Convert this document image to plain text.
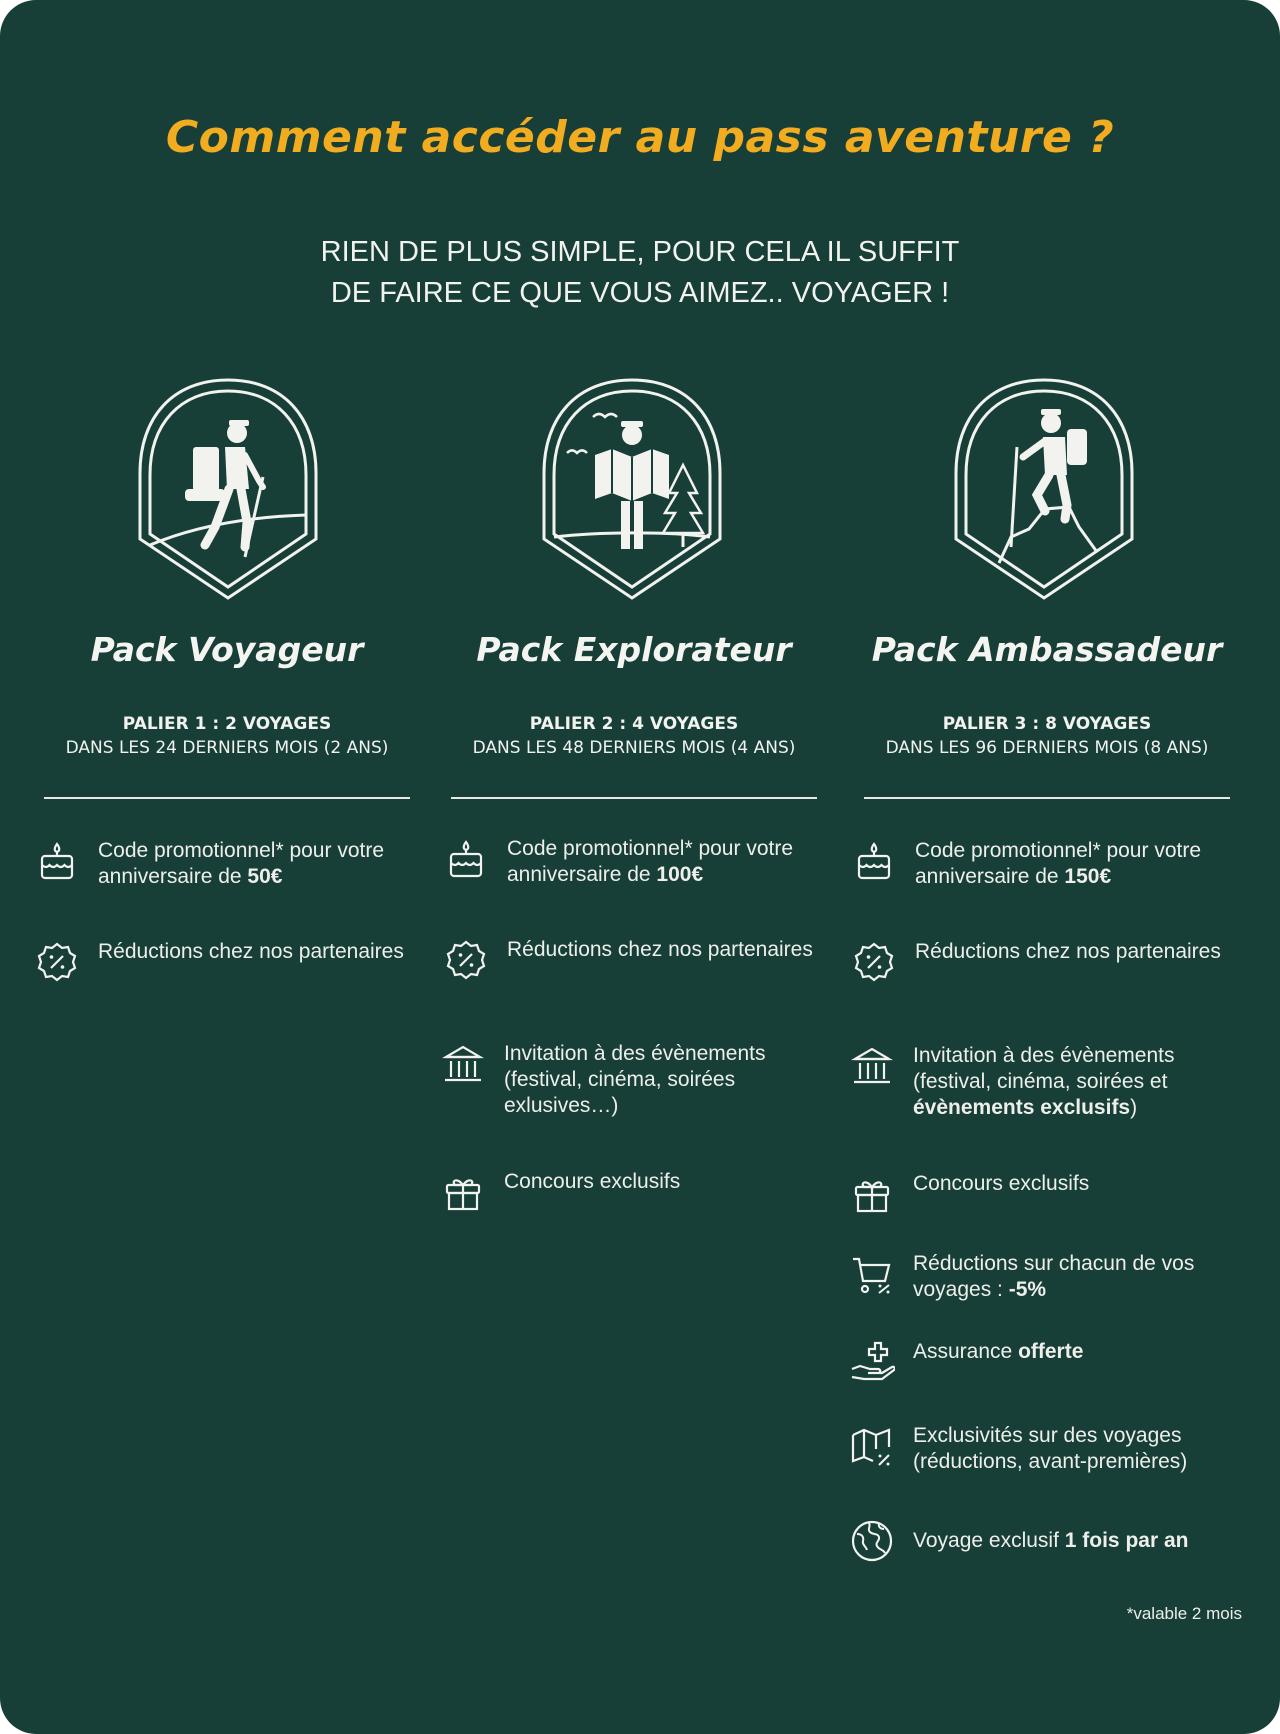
Comment accéder au pass aventure ?
RIEN DE PLUS SIMPLE, POUR CELA IL SUFFIT
DE FAIRE CE QUE VOUS AIMEZ.. VOYAGER !
Pack Voyageur	Pack Explorateur	Pack Ambassadeur
PALIER 1 : 2 VOYAGES
DANS LES 24 DERNIERS MOIS (2 ANS)
PALIER 2 : 4 VOYAGES
DANS LES 48 DERNIERS MOIS (4 ANS)
PALIER 3 : 8 VOYAGES
DANS LES 96 DERNIERS MOIS (8 ANS)
Code promotionnel* pour votre anniversaire de 50€
Réductions chez nos partenaires
Code promotionnel* pour votre anniversaire de 100€
Réductions chez nos partenaires
Invitation à des évènements (festival, cinéma, soirées exlusives…)
Concours exclusifs
Code promotionnel* pour votre anniversaire de 150€
Réductions chez nos partenaires
Invitation à des évènements (festival, cinéma, soirées et évènements exclusifs)
Concours exclusifs
Réductions sur chacun de vos voyages : -5%
Assurance offerte
Exclusivités sur des voyages (réductions, avant-premières)
Voyage exclusif 1 fois par an
*valable 2 mois
